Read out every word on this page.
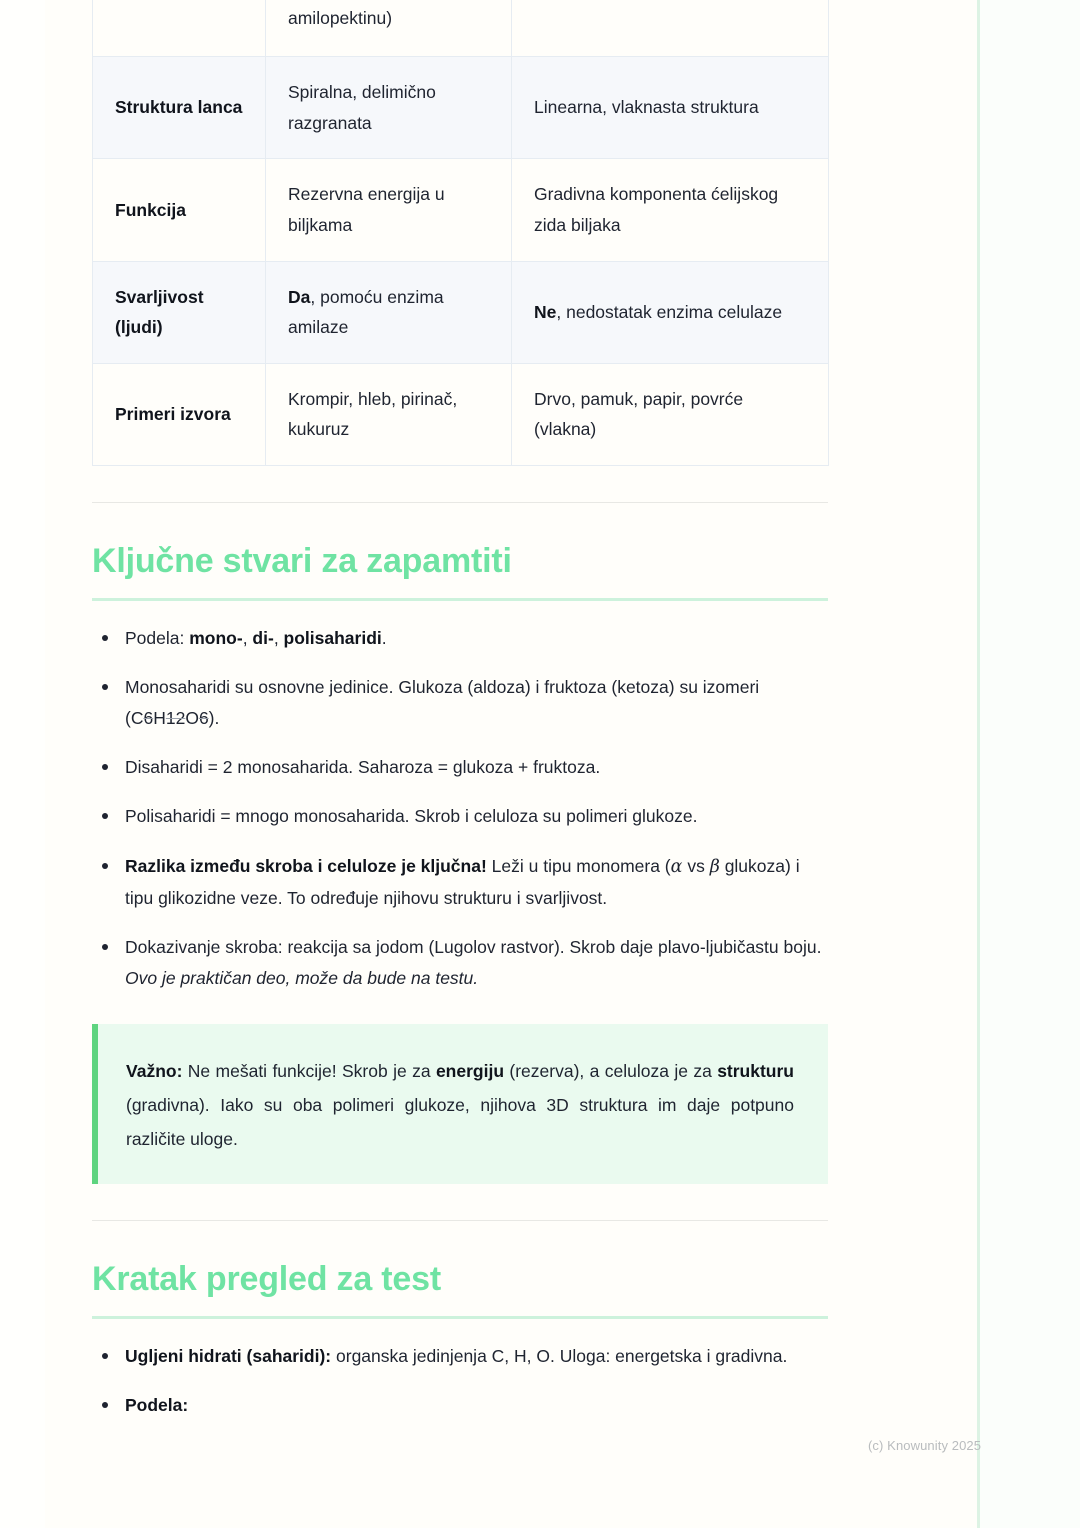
	amilopektinu)	
Struktura lanca	Spiralna, delimično razgranata	Linearna, vlaknasta struktura
Funkcija	Rezervna energija u biljkama	Gradivna komponenta ćelijskog zida biljaka
Svarljivost (ljudi)	Da, pomoću enzima amilaze	Ne, nedostatak enzima celulaze
Primeri izvora	Krompir, hleb, pirinač, kukuruz	Drvo, pamuk, papir, povrće (vlakna)
Ključne stvari za zapamtiti
Podela: mono-, di-, polisaharidi.
Monosaharidi su osnovne jedinice. Glukoza (aldoza) i fruktoza (ketoza) su izomeri (C6H12O6).
Disaharidi = 2 monosaharida. Saharoza = glukoza + fruktoza.
Polisaharidi = mnogo monosaharida. Skrob i celuloza su polimeri glukoze.
Razlika između skroba i celuloze je ključna! Leži u tipu monomera (α vs β glukoza) i tipu glikozidne veze. To određuje njihovu strukturu i svarljivost.
Dokazivanje skroba: reakcija sa jodom (Lugolov rastvor). Skrob daje plavo-ljubičastu boju. Ovo je praktičan deo, može da bude na testu.

Važno: Ne mešati funkcije! Skrob je za energiju (rezerva), a celuloza je za strukturu (gradivna). Iako su oba polimeri glukoze, njihova 3D struktura im daje potpuno različite uloge.

Kratak pregled za test
Ugljeni hidrati (saharidi): organska jedinjenja C, H, O. Uloga: energetska i gradivna.
Podela:
(c) Knowunity 2025
